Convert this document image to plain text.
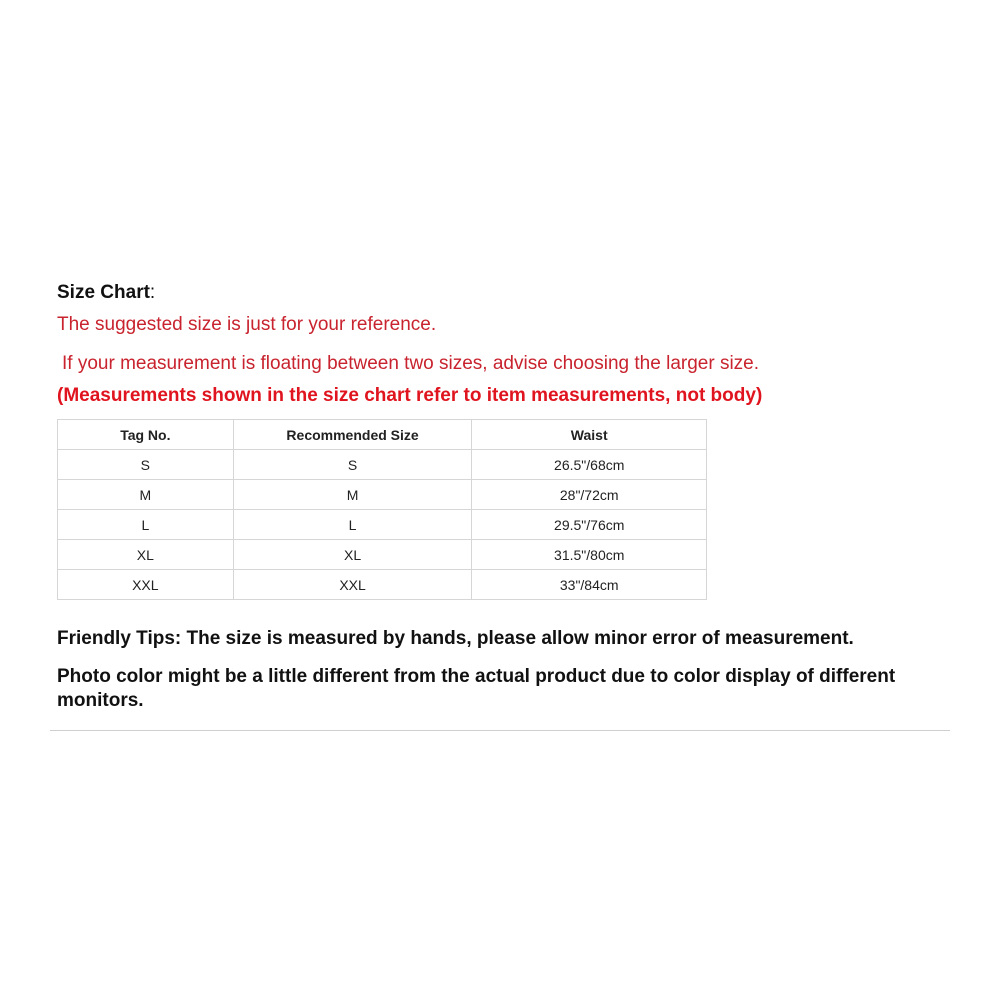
Size Chart:
The suggested size is just for your reference.
If your measurement is floating between two sizes, advise choosing the larger size.
(Measurements shown in the size chart refer to item measurements, not body)
Tag No.	Recommended Size	Waist
S	S	26.5"/68cm
M	M	28"/72cm
L	L	29.5"/76cm
XL	XL	31.5"/80cm
XXL	XXL	33"/84cm
Friendly Tips: The size is measured by hands, please allow minor error of measurement.
Photo color might be a little different from the actual product due to color display of different monitors.
